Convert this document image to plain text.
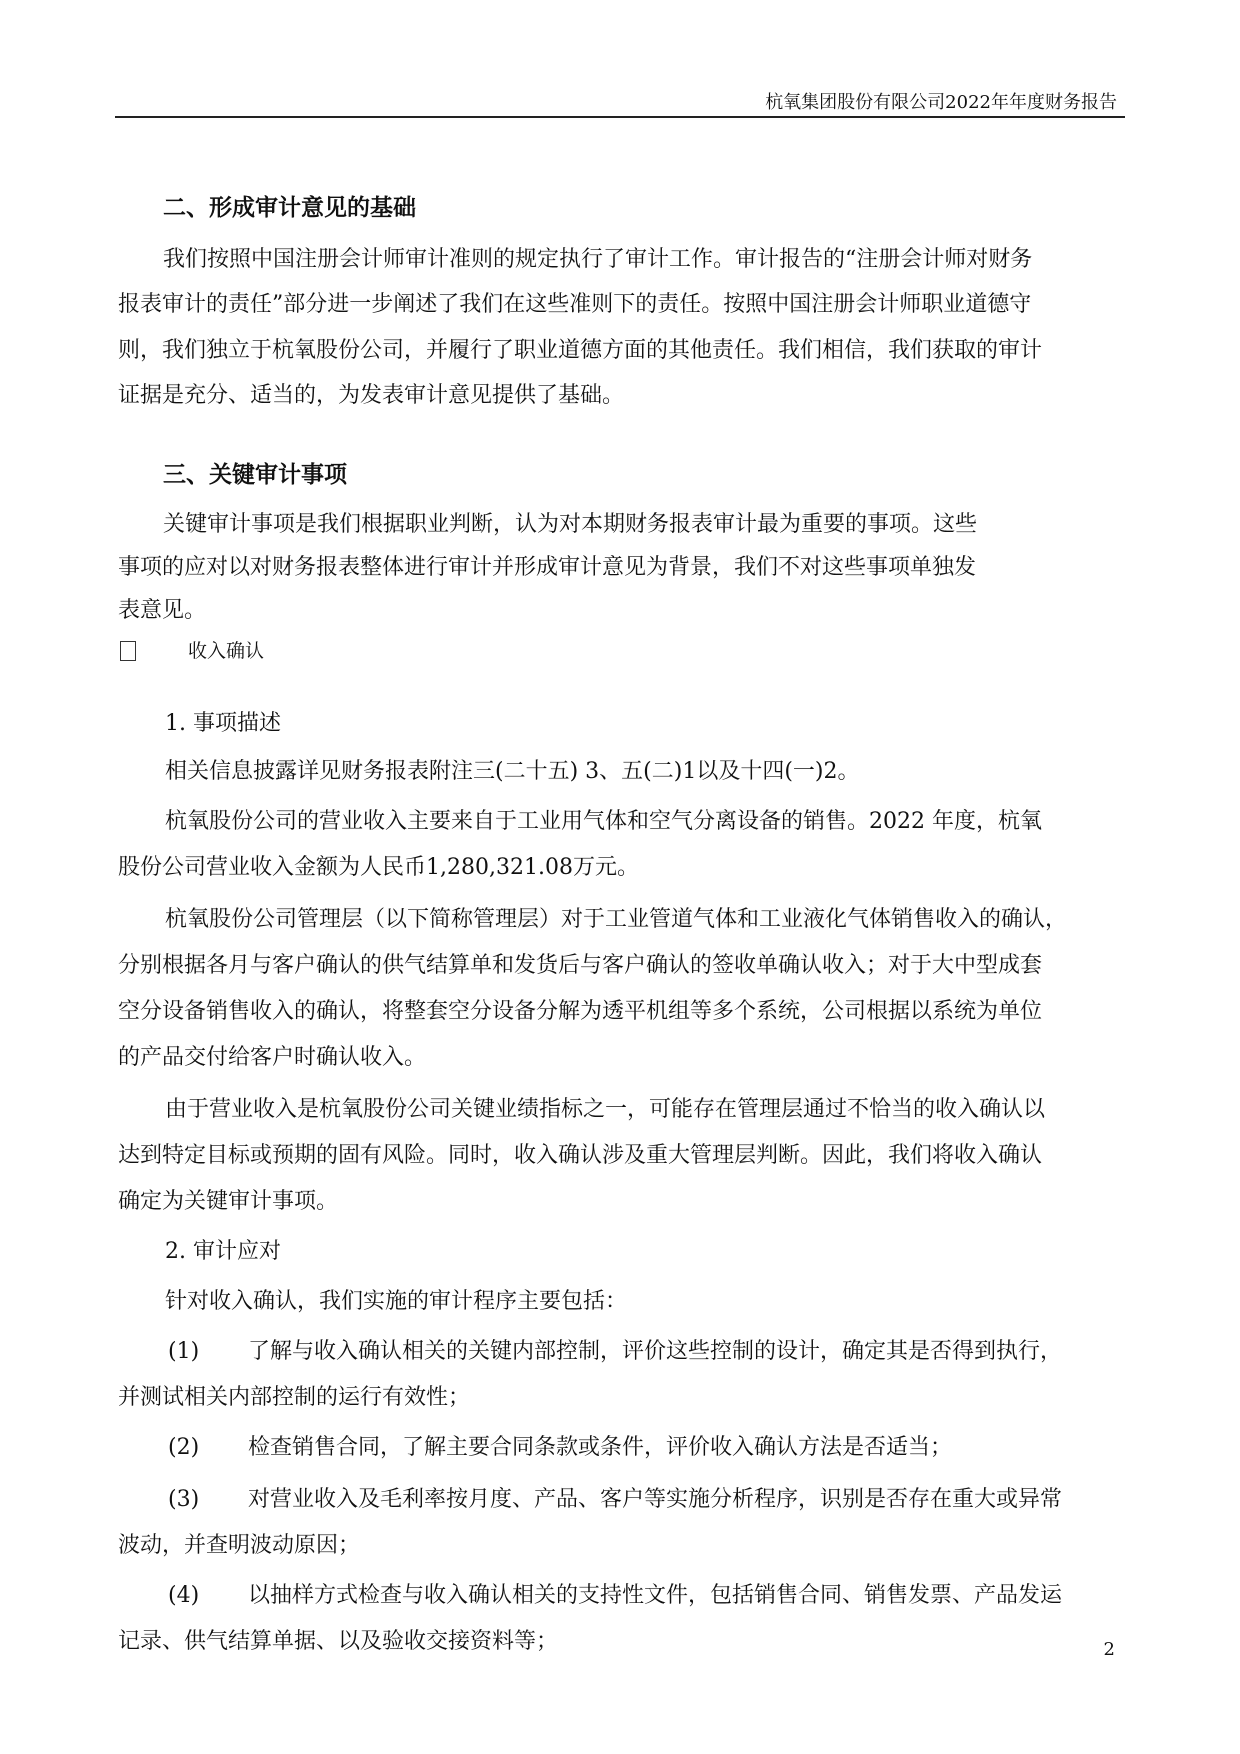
杭氧集团股份有限公司2022年年度财务报告
二、形成审计意见的基础
我们按照中国注册会计师审计准则的规定执行了审计工作。审计报告的“注册会计师对财务
报表审计的责任”部分进一步阐述了我们在这些准则下的责任。按照中国注册会计师职业道德守
则，我们独立于杭氧股份公司，并履行了职业道德方面的其他责任。我们相信，我们获取的审计
证据是充分、适当的，为发表审计意见提供了基础。
三、关键审计事项
关键审计事项是我们根据职业判断，认为对本期财务报表审计最为重要的事项。这些
事项的应对以对财务报表整体进行审计并形成审计意见为背景，我们不对这些事项单独发
表意见。
收入确认
1. 事项描述
相关信息披露详见财务报表附注三(二十五) 3、五(二)1以及十四(一)2。
杭氧股份公司的营业收入主要来自于工业用气体和空气分离设备的销售。2022 年度，杭氧
股份公司营业收入金额为人民币1,280,321.08万元。
杭氧股份公司管理层（以下简称管理层）对于工业管道气体和工业液化气体销售收入的确认，
分别根据各月与客户确认的供气结算单和发货后与客户确认的签收单确认收入；对于大中型成套
空分设备销售收入的确认，将整套空分设备分解为透平机组等多个系统，公司根据以系统为单位
的产品交付给客户时确认收入。
由于营业收入是杭氧股份公司关键业绩指标之一，可能存在管理层通过不恰当的收入确认以
达到特定目标或预期的固有风险。同时，收入确认涉及重大管理层判断。因此，我们将收入确认
确定为关键审计事项。
2. 审计应对
针对收入确认，我们实施的审计程序主要包括：
(1) 了解与收入确认相关的关键内部控制，评价这些控制的设计，确定其是否得到执行，
并测试相关内部控制的运行有效性；
(2) 检查销售合同，了解主要合同条款或条件，评价收入确认方法是否适当；
(3) 对营业收入及毛利率按月度、产品、客户等实施分析程序，识别是否存在重大或异常
波动，并查明波动原因；
(4) 以抽样方式检查与收入确认相关的支持性文件，包括销售合同、销售发票、产品发运
记录、供气结算单据、以及验收交接资料等；	2
